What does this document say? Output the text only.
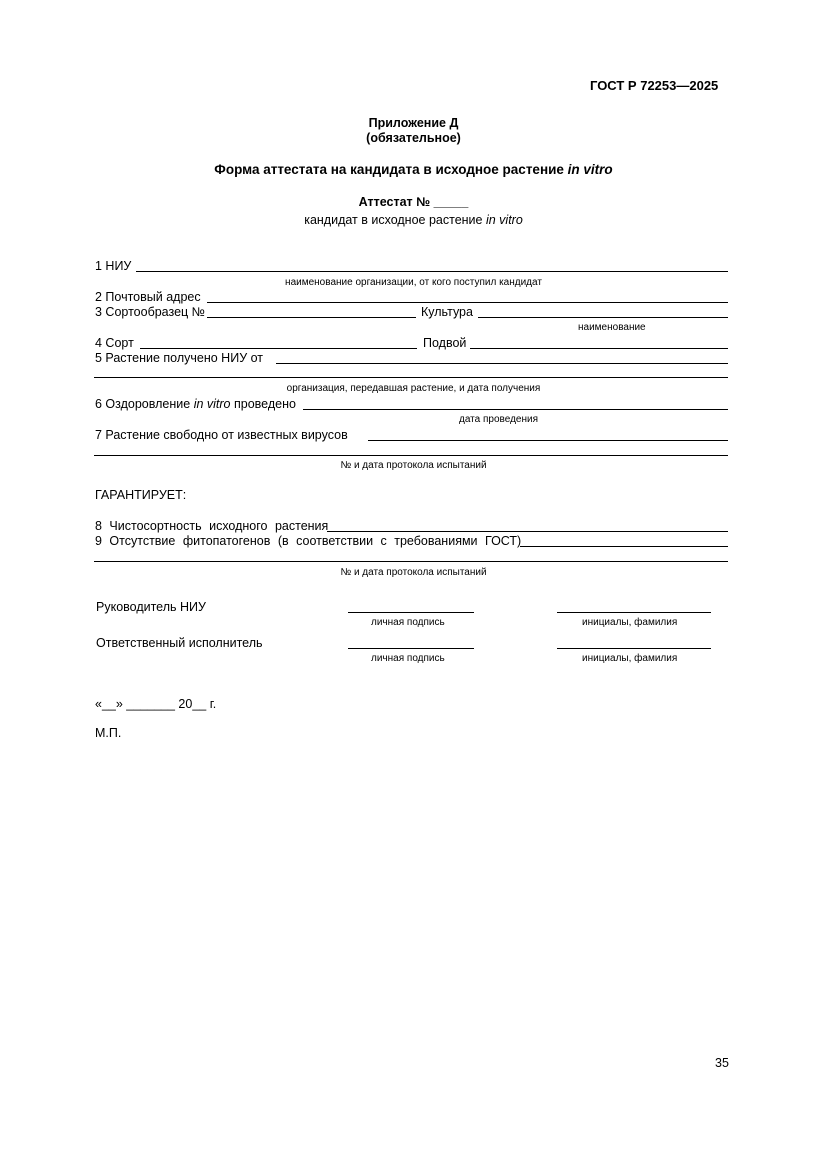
ГОСТ Р 72253—2025
Приложение Д
(обязательное)
Форма аттестата на кандидата в исходное растение in vitro
Аттестат № _____
кандидат в исходное растение in vitro
1 НИУ
наименование организации, от кого поступил кандидат
2 Почтовый адрес
3 Сортообразец №	Культура
наименование
4 Сорт	Подвой
5 Растение получено НИУ от
организация, передавшая растение, и дата получения
6 Оздоровление in vitro проведено
дата проведения
7 Растение свободно от известных вирусов
№ и дата протокола испытаний
ГАРАНТИРУЕТ:
8 Чистосортность исходного растения
9 Отсутствие фитопатогенов (в соответствии с требованиями ГОСТ)
№ и дата протокола испытаний
Руководитель НИУ
личная подпись	инициалы, фамилия
Ответственный исполнитель
личная подпись	инициалы, фамилия
«__» _______ 20__ г.
М.П.
35
